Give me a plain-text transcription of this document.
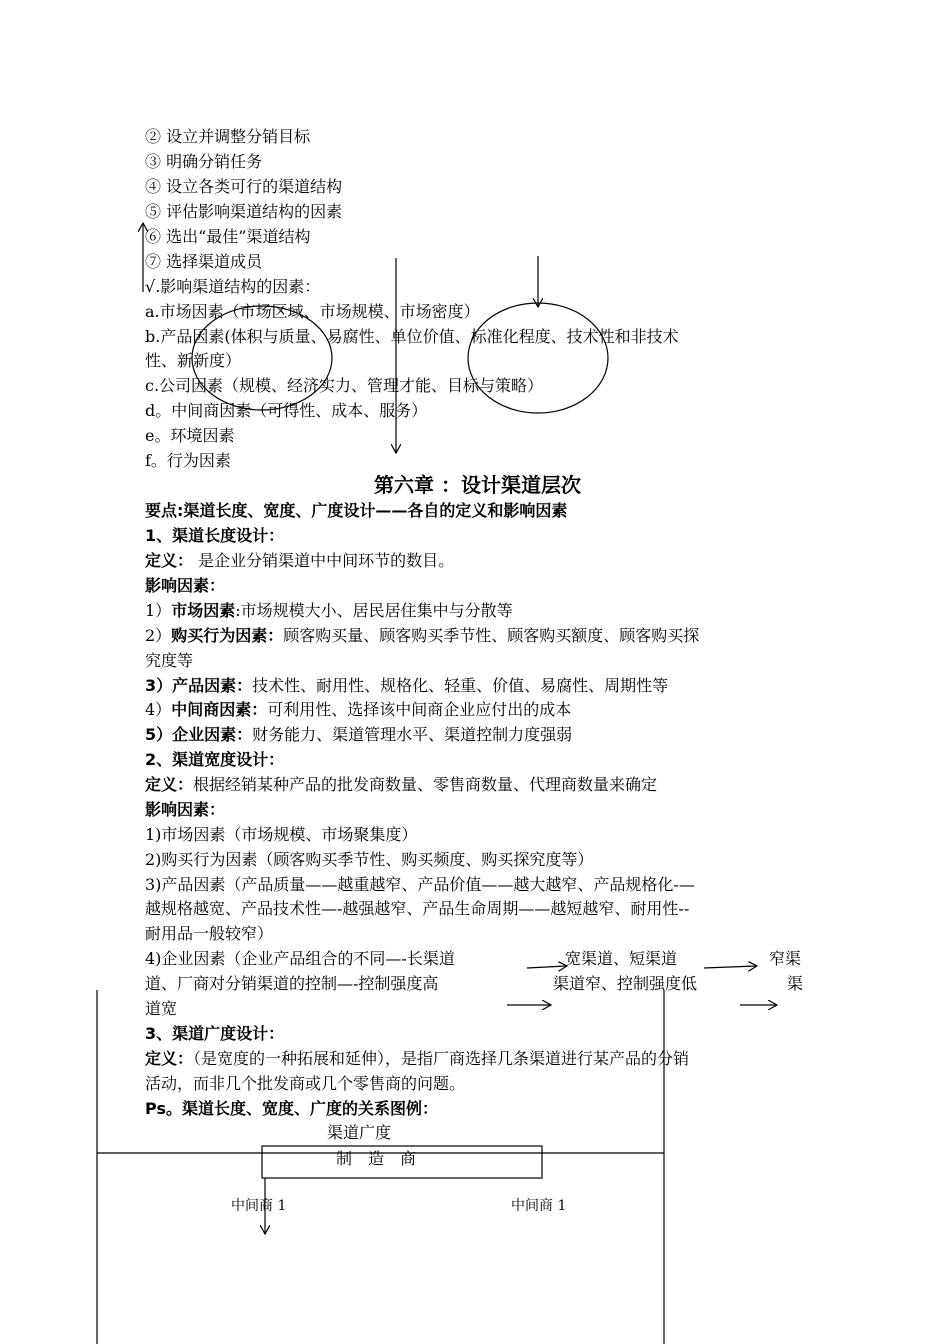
② 设立并调整分销目标
③ 明确分销任务
④ 设立各类可行的渠道结构
⑤ 评估影响渠道结构的因素
⑥ 选出“最佳”渠道结构
⑦ 选择渠道成员
√.影响渠道结构的因素：
a.市场因素（市场区域、市场规模、市场密度）
b.产品因素(体积与质量、易腐性、单位价值、标准化程度、技术性和非技术
性、新新度）
c.公司因素（规模、经济实力、管理才能、目标与策略）
d。中间商因素（可得性、成本、服务）
e。环境因素
f。行为因素
第六章 ：设计渠道层次
要点:渠道长度、宽度、广度设计——各自的定义和影响因素
1、渠道长度设计：
定义： 是企业分销渠道中中间环节的数目。
影响因素：
1）市场因素:市场规模大小、居民居住集中与分散等
2）购买行为因素：顾客购买量、顾客购买季节性、顾客购买额度、顾客购买探
究度等
3）产品因素：技术性、耐用性、规格化、轻重、价值、易腐性、周期性等
4）中间商因素：可利用性、选择该中间商企业应付出的成本
5）企业因素：财务能力、渠道管理水平、渠道控制力度强弱
2、渠道宽度设计：
定义：根据经销某种产品的批发商数量、零售商数量、代理商数量来确定
影响因素：
1)市场因素（市场规模、市场聚集度）
2)购买行为因素（顾客购买季节性、购买频度、购买探究度等）
3)产品因素（产品质量——越重越窄、产品价值——越大越窄、产品规格化-—
越规格越宽、产品技术性—-越强越窄、产品生命周期——越短越窄、耐用性--
耐用品一般较窄）
4)企业因素（企业产品组合的不同—-长渠道	宽渠道、短渠道	窄渠
道、厂商对分销渠道的控制—-控制强度高	渠道窄、控制强度低	渠
道宽
3、渠道广度设计：
定义：（是宽度的一种拓展和延伸），是指厂商选择几条渠道进行某产品的分销
活动，而非几个批发商或几个零售商的问题。
Ps。渠道长度、宽度、广度的关系图例：
渠道广度
制　造　商
中间商 1	中间商 1
